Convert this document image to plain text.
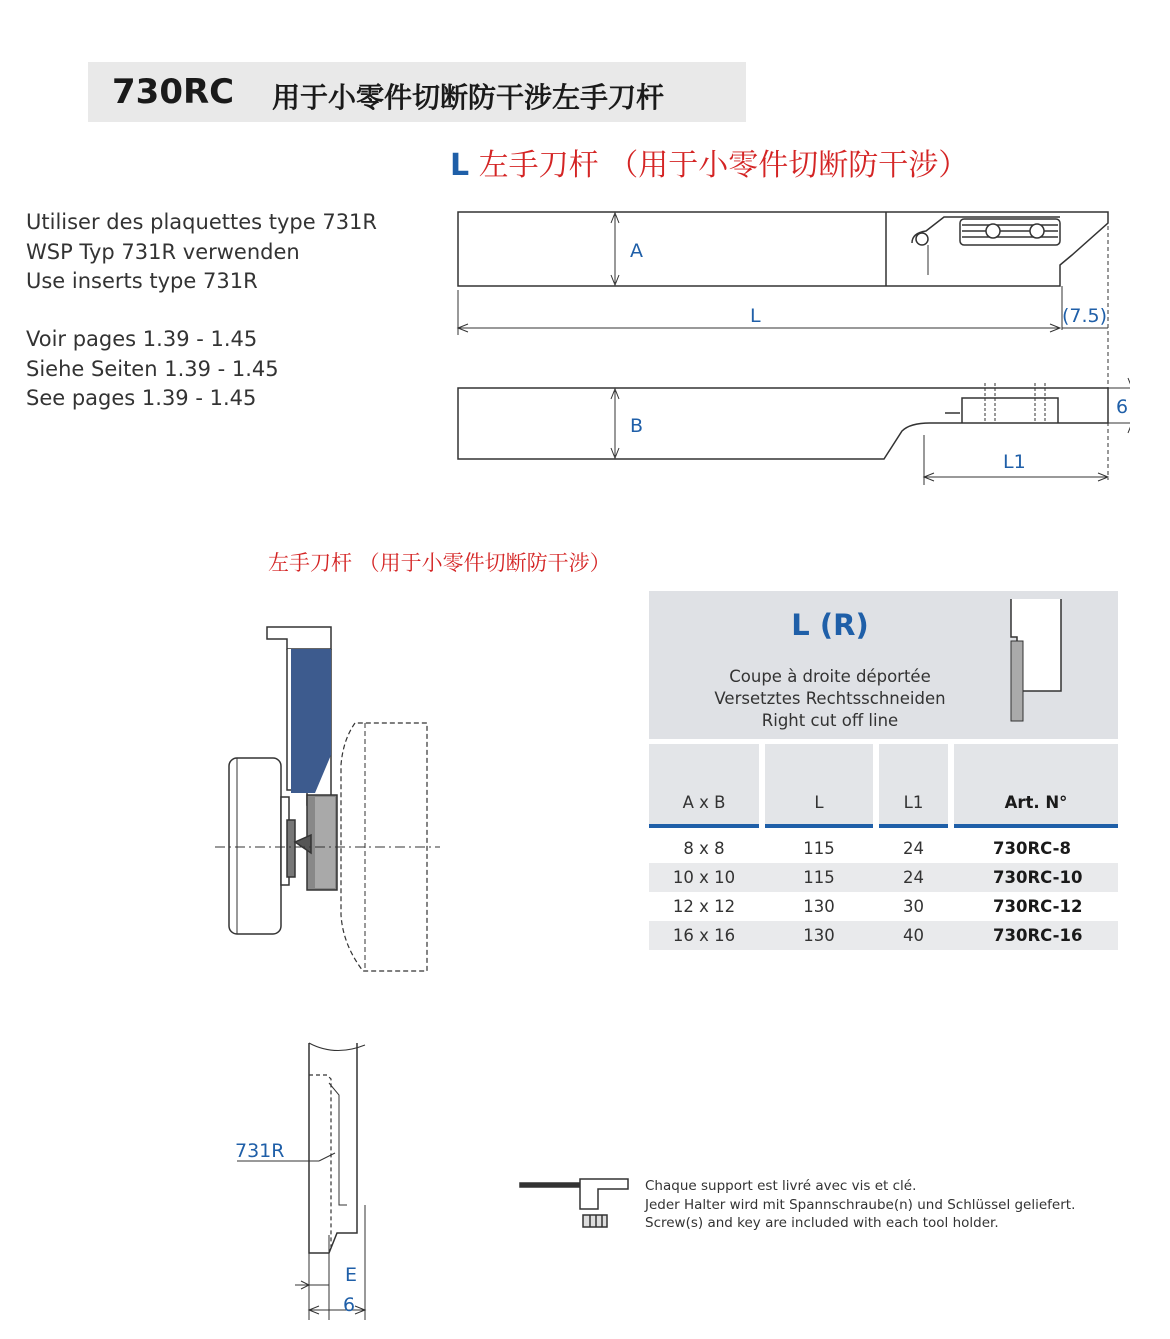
730RC 用于小零件切断防干涉左手刀杆
L 左手刀杆 （用于小零件切断防干涉）
Utiliser des plaquettes type 731R
WSP Typ 731R verwenden
Use inserts type 731R
Voir pages 1.39 - 1.45
Siehe Seiten 1.39 - 1.45
See pages 1.39 - 1.45
A
L	(7.5)
B
L1
6
左手刀杆 （用于小零件切断防干涉）
L (R)
Coupe à droite déportée
Versetztes Rechtsschneiden
Right cut off line
A x B	L	L1	Art. N°
8 x 8	115	24	730RC-8
10 x 10	115	24	730RC-10
12 x 12	130	30	730RC-12
16 x 16	130	40	730RC-16
731R
E
6
Chaque support est livré avec vis et clé.
Jeder Halter wird mit Spannschraube(n) und Schlüssel geliefert.
Screw(s) and key are included with each tool holder.
